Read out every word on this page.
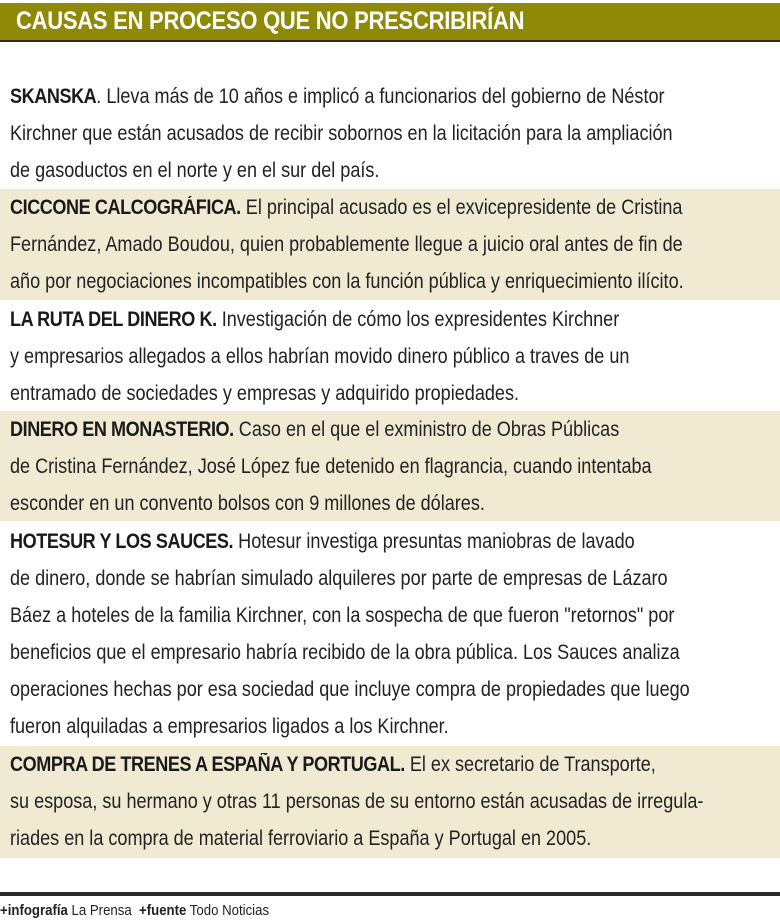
CAUSAS EN PROCESO QUE NO PRESCRIBIRÍAN
SKANSKA. Lleva más de 10 años e implicó a funcionarios del gobierno de Néstor
Kirchner que están acusados de recibir sobornos en la licitación para la ampliación
de gasoductos en el norte y en el sur del país.
CICCONE CALCOGRÁFICA. El principal acusado es el exvicepresidente de Cristina
Fernández, Amado Boudou, quien probablemente llegue a juicio oral antes de fin de
año por negociaciones incompatibles con la función pública y enriquecimiento ilícito.
LA RUTA DEL DINERO K. Investigación de cómo los expresidentes Kirchner
y empresarios allegados a ellos habrían movido dinero público a traves de un
entramado de sociedades y empresas y adquirido propiedades.
DINERO EN MONASTERIO. Caso en el que el exministro de Obras Públicas
de Cristina Fernández, José López fue detenido en flagrancia, cuando intentaba
esconder en un convento bolsos con 9 millones de dólares.
HOTESUR Y LOS SAUCES. Hotesur investiga presuntas maniobras de lavado
de dinero, donde se habrían simulado alquileres por parte de empresas de Lázaro
Báez a hoteles de la familia Kirchner, con la sospecha de que fueron "retornos" por
beneficios que el empresario habría recibido de la obra pública. Los Sauces analiza
operaciones hechas por esa sociedad que incluye compra de propiedades que luego
fueron alquiladas a empresarios ligados a los Kirchner.
COMPRA DE TRENES A ESPAÑA Y PORTUGAL. El ex secretario de Transporte,
su esposa, su hermano y otras 11 personas de su entorno están acusadas de irregula-
riades en la compra de material ferroviario a España y Portugal en 2005.
+infografía La Prensa +fuente Todo Noticias
